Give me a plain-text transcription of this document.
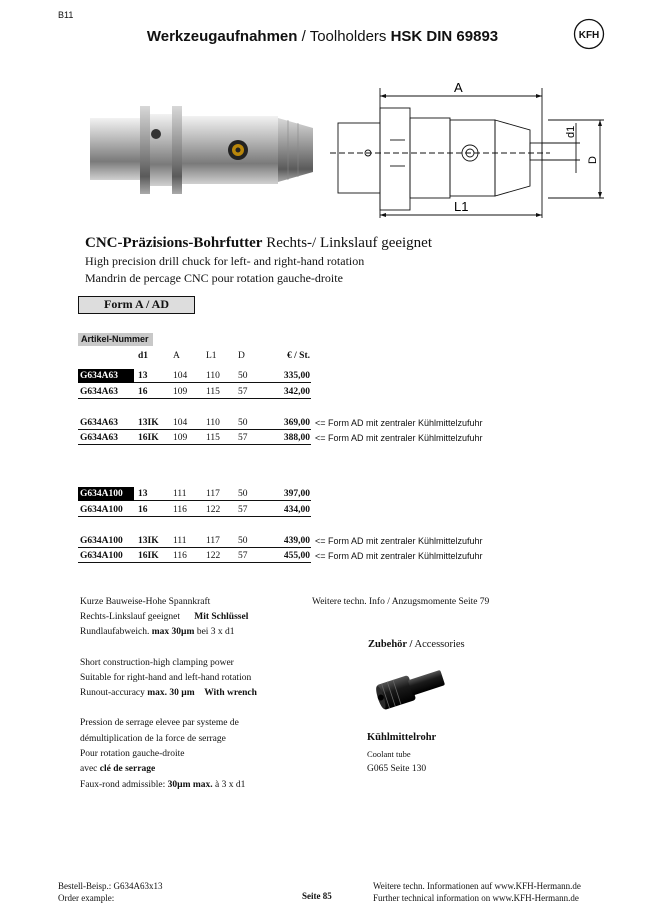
B11
Werkzeugaufnahmen / Toolholders HSK DIN 69893	KFH
A
L1
d1
D
CNC-Präzisions-Bohrfutter Rechts-/ Linkslauf geeignet
High precision drill chuck for left- and right-hand rotation
Mandrin de percage CNC pour rotation gauche-droite
Form A / AD
Artikel-Nummer
d1	A	L1 D	€ / St.
G634A63	13	104 110 50	335,00
G634A63	16	109 115 57	342,00
G634A63	13IK 104 110 50	369,00 <= Form AD mit zentraler Kühlmittelzufuhr
G634A63	16IK 109 115 57	388,00 <= Form AD mit zentraler Kühlmittelzufuhr
G634A100	13	111 117 50	397,00
G634A100	16	116 122 57	434,00
G634A100	13IK 111 117 50	439,00 <= Form AD mit zentraler Kühlmittelzufuhr
G634A100	16IK 116 122 57	455,00 <= Form AD mit zentraler Kühlmittelzufuhr
Kurze Bauweise-Hohe Spannkraft
Rechts-Linkslauf geeignet Mit Schlüssel
Rundlaufabweich. max 30µm bei 3 x d1
Short construction-high clamping power
Suitable for right-hand and left-hand rotation
Runout-accuracy max. 30 µm With wrench
Pression de serrage elevee par systeme de
démultiplication de la force de serrage
Pour rotation gauche-droite
avec clé de serrage
Faux-rond admissible: 30µm max. à 3 x d1
Weitere techn. Info / Anzugsmomente Seite 79
Zubehör / Accessories
Kühlmittelrohr
Coolant tube
G065 Seite 130
Bestell-Beisp.: G634A63x13
Order example:	Seite 85
Weitere techn. Informationen auf www.KFH-Hermann.de
Further technical information on www.KFH-Hermann.de
